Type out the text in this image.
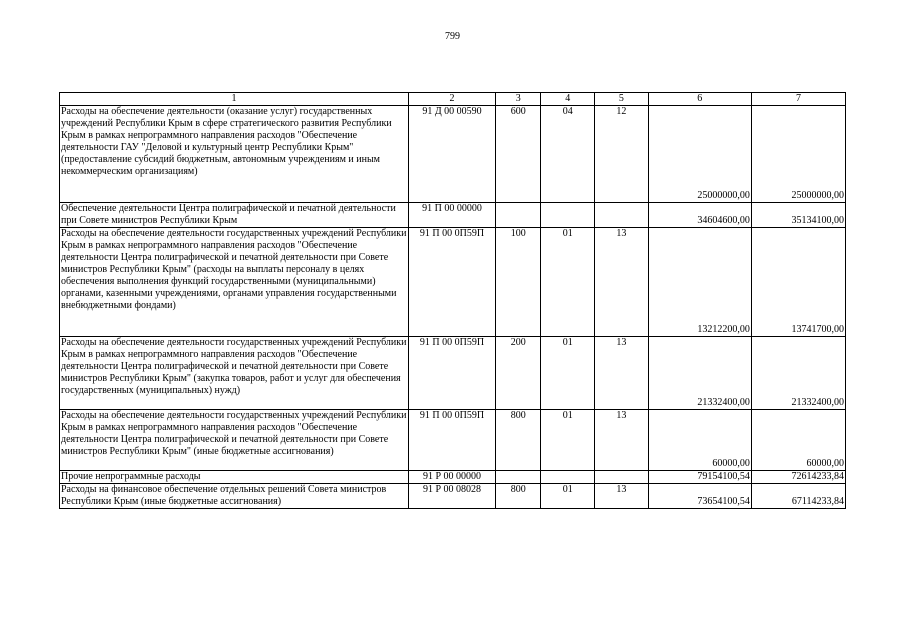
799
1	2	3	4	5	6	7
Расходы на обеспечение деятельности (оказание услуг) государственных учреждений Республики Крым в сфере стратегического развития Республики Крым в рамках непрограммного направления расходов "Обеспечение деятельности ГАУ "Деловой и культурный центр Республики Крым" (предоставление субсидий бюджетным, автономным учреждениям и иным некоммерческим организациям)	91 Д 00 00590	600	04	12	25000000,00	25000000,00
Обеспечение деятельности Центра полиграфической и печатной деятельности при Совете министров Республики Крым	91 П 00 00000				34604600,00	35134100,00
Расходы на обеспечение деятельности государственных учреждений Республики Крым в рамках непрограммного направления расходов "Обеспечение деятельности Центра полиграфической и печатной деятельности при Совете министров Республики Крым" (расходы на выплаты персоналу в целях обеспечения выполнения функций государственными (муниципальными) органами, казенными учреждениями, органами управления государственными внебюджетными фондами)	91 П 00 0П59П	100	01	13	13212200,00	13741700,00
Расходы на обеспечение деятельности государственных учреждений Республики Крым в рамках непрограммного направления расходов "Обеспечение деятельности Центра полиграфической и печатной деятельности при Совете министров Республики Крым" (закупка товаров, работ и услуг для обеспечения государственных (муниципальных) нужд)	91 П 00 0П59П	200	01	13	21332400,00	21332400,00
Расходы на обеспечение деятельности государственных учреждений Республики Крым в рамках непрограммного направления расходов "Обеспечение деятельности Центра полиграфической и печатной деятельности при Совете министров Республики Крым" (иные бюджетные ассигнования)	91 П 00 0П59П	800	01	13	60000,00	60000,00
Прочие непрограммные расходы	91 Р 00 00000				79154100,54	72614233,84
Расходы на финансовое обеспечение отдельных решений Совета министров Республики Крым (иные бюджетные ассигнования)	91 Р 00 08028	800	01	13	73654100,54	67114233,84
